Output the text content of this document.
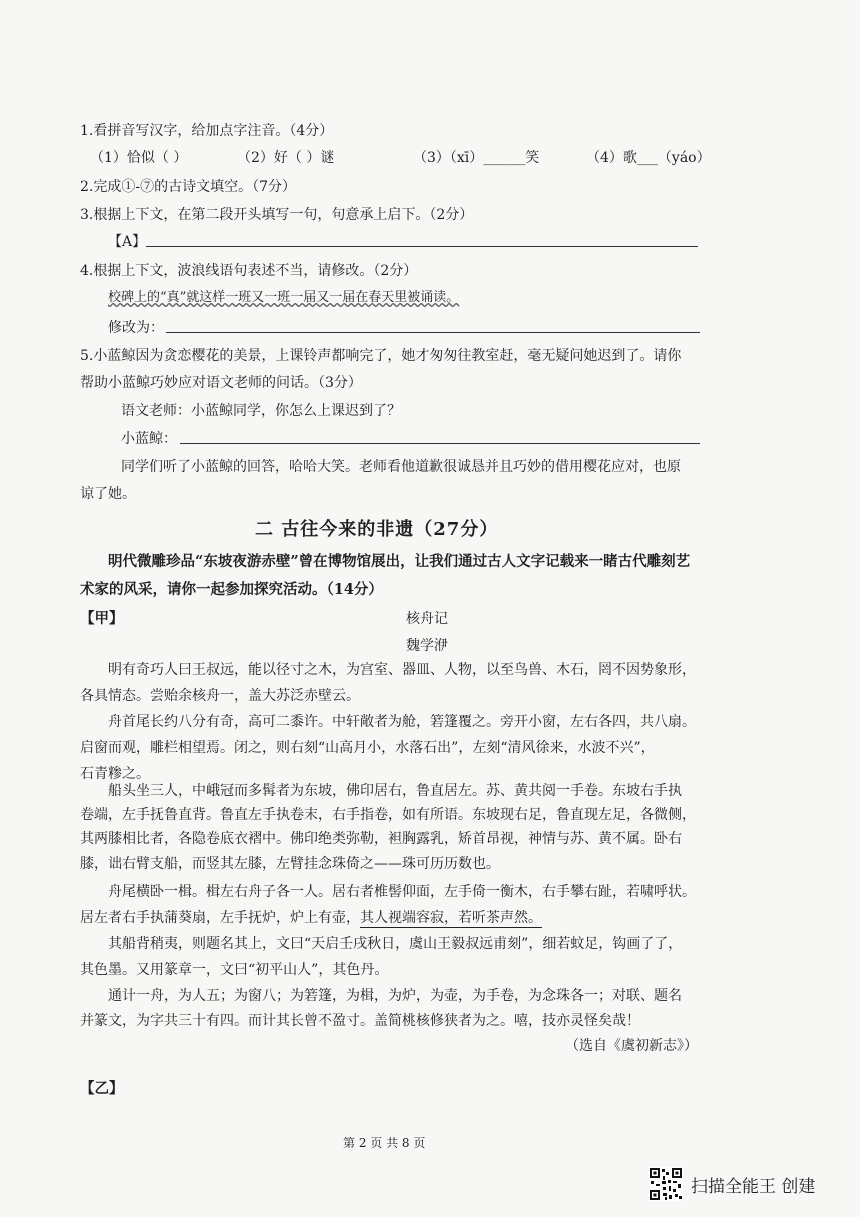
1.看拼音写汉字，给加点字注音。（4分）
（1）恰似（ ）	（2）好（ ）谜	（3）（xī）______笑	（4）歌___（yáo）
2.完成①-⑦的古诗文填空。（7分）
3.根据上下文，在第二段开头填写一句，句意承上启下。（2分）
【A】
4.根据上下文，波浪线语句表述不当，请修改。（2分）
校碑上的“真”就这样一班又一班一届又一届在春天里被诵读。
修改为：
5.小蓝鲸因为贪恋樱花的美景，上课铃声都响完了，她才匆匆往教室赶，毫无疑问她迟到了。请你
帮助小蓝鲸巧妙应对语文老师的问话。（3分）
语文老师：小蓝鲸同学，你怎么上课迟到了？
小蓝鲸：
同学们听了小蓝鲸的回答，哈哈大笑。老师看他道歉很诚恳并且巧妙的借用樱花应对，也原
谅了她。
二 古往今来的非遗（27分）
明代微雕珍品“东坡夜游赤壁”曾在博物馆展出，让我们通过古人文字记载来一睹古代雕刻艺
术家的风采，请你一起参加探究活动。（14分）
【甲】	核舟记
魏学洢
明有奇巧人曰王叔远，能以径寸之木，为宫室、器皿、人物，以至鸟兽、木石，罔不因势象形，
各具情态。尝贻余核舟一，盖大苏泛赤壁云。
舟首尾长约八分有奇，高可二黍许。中轩敞者为舱，箬篷覆之。旁开小窗，左右各四，共八扇。
启窗而观，雕栏相望焉。闭之，则右刻“山高月小，水落石出”，左刻“清风徐来，水波不兴”，
石青糁之。
船头坐三人，中峨冠而多髯者为东坡，佛印居右，鲁直居左。苏、黄共阅一手卷。东坡右手执
卷端，左手抚鲁直背。鲁直左手执卷末，右手指卷，如有所语。东坡现右足，鲁直现左足，各微侧，
其两膝相比者，各隐卷底衣褶中。佛印绝类弥勒，袒胸露乳，矫首昂视，神情与苏、黄不属。卧右
膝，诎右臂支船，而竖其左膝，左臂挂念珠倚之——珠可历历数也。
舟尾横卧一楫。楫左右舟子各一人。居右者椎髻仰面，左手倚一衡木，右手攀右趾，若啸呼状。
居左者右手执蒲葵扇，左手抚炉，炉上有壶，其人视端容寂，若听茶声然。
其船背稍夷，则题名其上，文曰“天启壬戌秋日，虞山王毅叔远甫刻”，细若蚊足，钩画了了，
其色墨。又用篆章一，文曰“初平山人”，其色丹。
通计一舟，为人五；为窗八；为箬篷，为楫，为炉，为壶，为手卷，为念珠各一；对联、题名
并篆文，为字共三十有四。而计其长曾不盈寸。盖简桃核修狭者为之。嘻，技亦灵怪矣哉！
（选自《虞初新志》）
【乙】
第 2 页 共 8 页
扫描全能王 创建
